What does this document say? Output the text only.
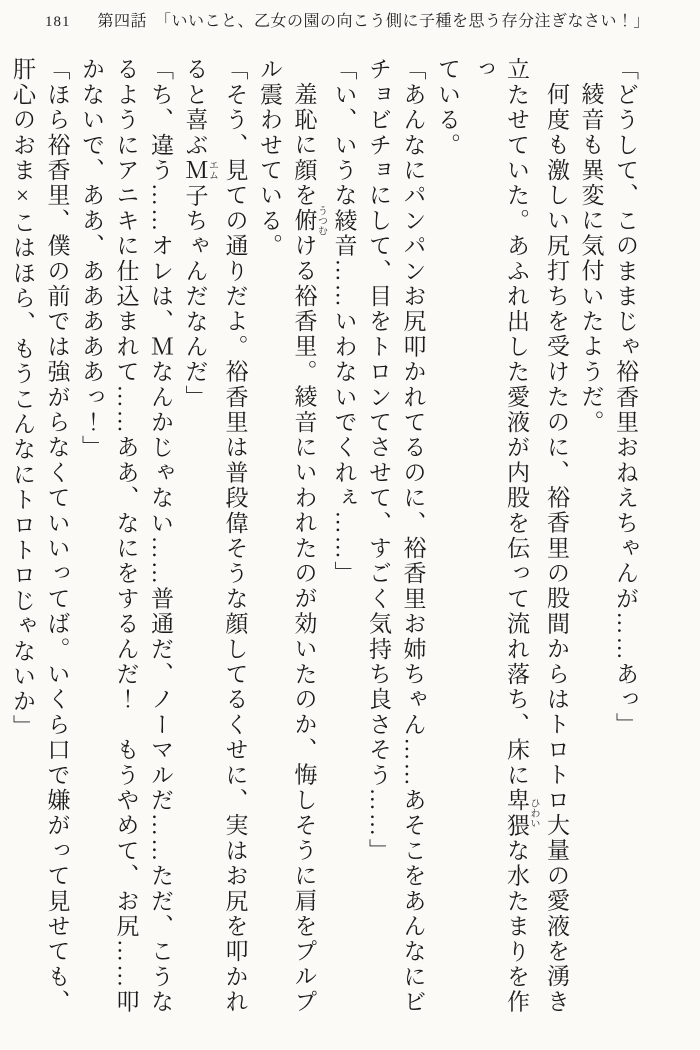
181 第四話 「いいこと、乙女の園の向こう側に子種を思う存分注ぎなさい！」
「どうして、このままじゃ裕香里おねえちゃんが……あっ」
綾音も異変に気付いたようだ。
何度も激しい尻打ちを受けたのに、裕香里の股間からはトロトロ大量の愛液を湧き
立たせていた。あふれ出した愛液が内股を伝って流れ落ち、床に卑猥 ひわいな水たまりを作っ
ている。
「あんなにパンパンお尻叩かれてるのに、裕香里お姉ちゃん……あそこをあんなにビ
チョビチョにして、目をトロンてさせて、すごく気持ち良さそう……」
「い、いうな綾音……いわないでくれぇ……」
羞恥に顔を俯 うつむける裕香里。綾音にいわれたのが効いたのか、悔しそうに肩をプルプ
ル震わせている。
「そう、見ての通りだよ。裕香里は普段偉そうな顔してるくせに、実はお尻を叩かれ
ると喜ぶＭ エム子ちゃんだなんだ」
「ち、違う……オレは、Ｍなんかじゃない……普通だ、ノーマルだ……ただ、こうな
るようにアニキに仕込まれて……ああ、なにをするんだ！　もうやめて、お尻……叩
かないで、ああ、あああああっ！」
「ほら裕香里、僕の前では強がらなくていいってば。いくら口で嫌がって見せても、
肝心のおま×こはほら、もうこんなにトロトロじゃないか」
